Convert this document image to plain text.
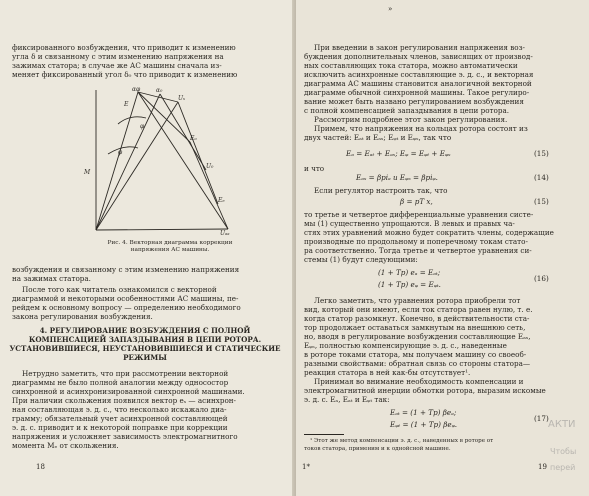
фиксированного возбуждения, что приводит к изменению
угла δ и связанному с этим изменению напряжения на
зажимах статора; в случае же АС машины сначала из-
меняет фиксированный угол δ₀ что приводит к изменению
αφ	α₀
Uₛ
E
φ
M
Eₒ
U₀
Eₑ
φ
Uₐₐ
Рис. 4. Векторная диаграмма коррекции
напряжения АС машины.
возбуждения и связанному с этим изменению напряжения
на зажимах статора.
После того как читатель ознакомился с векторной
диаграммой и некоторыми особенностями АС машины, пе-
рейдем к основному вопросу — определению необходимого
закона регулирования возбуждения.
4. РЕГУЛИРОВАНИЕ ВОЗБУЖДЕНИЯ С ПОЛНОЙ
КОМПЕНСАЦИЕЙ ЗАПАЗДЫВАНИЯ В ЦЕПИ РОТОРА.
УСТАНОВИВШИЕСЯ, НЕУСТАНОВИВШИЕСЯ И СТАТИЧЕСКИЕ
РЕЖИМЫ
Нетрудно заметить, что при рассмотрении векторной
диаграммы не было полной аналогии между односостор
синхронной и асинхронизированной синхронной машинами.
При наличии скольжения появился вектор eₛ — асинхрон-
ная составляющая э. д. с., что несколько искажало диа-
грамму; обязательный учет асинхронной составляющей
э. д. с. приводит и к некоторой поправке при коррекции
напряжения и усложняет зависимость электромагнитного
момента Mₑ от скольжения.
18
»
При введении в закон регулирования напряжения воз-
буждения дополнительных членов, зависящих от производ-
ных составляющих тока статора, можно автоматически
исключить асинхронные составляющие э. д. с., и векторная
диаграмма АС машины становится аналогичной векторной
диаграмме обычной синхронной машины. Такое регулиро-
вание может быть названо регулированием возбуждения
с полной компенсацией запаздывания в цепи ротора.
Рассмотрим подробнее этот закон регулирования.
Примем, что напряжения на кольцах ротора состоят из
двух частей: Eₐₜ и Eₐₛ; Eᵩₜ и Eᵩₛ, так что
Eₐ = Eₐₜ + Eₐₛ; Eᵩ = Eᵩₜ + Eᵩₛ	(15)
и что
Eₐₛ = βpiₐ и Eᵩₛ = βpiᵩ.	(14)
Если регулятор настроить так, что
β = pT x,	(15)
то третье и четвертое дифференциальные уравнения систе-
мы (1) существенно упрощаются. В левых и правых ча-
стях этих уравнений можно будет сократить члены, содержащие
производные по продольному и поперечному токам стато-
ра соответственно. Тогда третье и четвертое уравнения си-
стемы (1) будут следующими:
(1 + Tp) eₐ = Eₐₜ;
(1 + Tp) eᵩ = Eᵩₜ.
(16)
Легко заметить, что уравнения ротора приобрели тот
вид, который они имеют, если ток статора равен нулю, т. е.
когда статор разомкнут. Конечно, в действительности ста-
тор продолжает оставаться замкнутым на внешнюю сеть,
но, вводя в регулирование возбуждения составляющие Eₐₛ,
Eᵩₛ, полностью компенсирующие э. д. с., наведенные
в роторе токами статора, мы получаем машину со своеоб-
разными свойствами: обратная связь со стороны статора—
реакция статора в ней как-бы отсутствует¹.
Принимая во внимание необходимость компенсации и
электромагнитной инерции обмотки ротора, выразим искомые
э. д. с. Eₐ, Eₐₜ и Eᵩₜ так:
Eₐₜ = (1 + Tp) βeₐ;
Eᵩₜ = (1 + Tp) βeᵩ.
(17)
¹ Этот же метод компенсации э. д. с., наведенных в роторе от
токов статора, применим и к однойсной машине.
1*	19
АКТИ
Чтобы
перей
